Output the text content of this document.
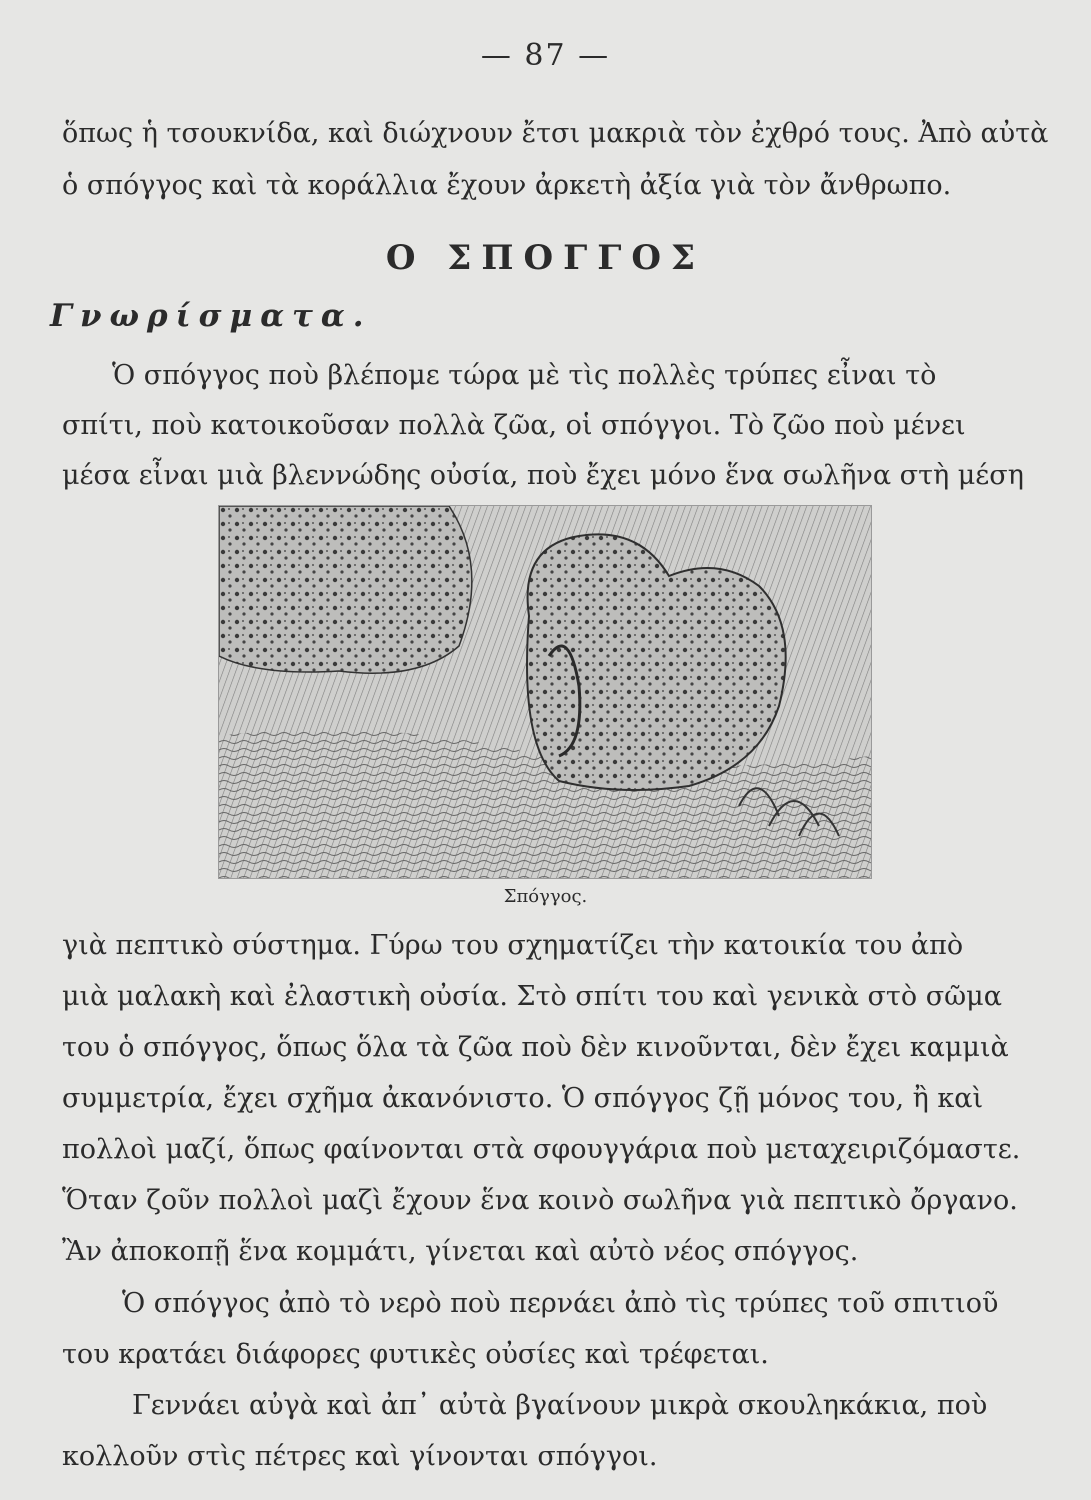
— 87 —
ὅπως ἡ τσουκνίδα, καὶ διώχνουν ἔτσι μακριὰ τὸν ἐχθρό τους. Ἀπὸ αὐτὰ
ὁ σπόγγος καὶ τὰ κοράλλια ἔχουν ἀρκετὴ ἀξία γιὰ τὸν ἄνθρωπο.
Ο ΣΠΟΓΓΟΣ
Γνωρίσματα.
Ὁ σπόγγος ποὺ βλέπομε τώρα μὲ τὶς πολλὲς τρύπες εἶναι τὸ
σπίτι, ποὺ κατοικοῦσαν πολλὰ ζῶα, οἱ σπόγγοι. Τὸ ζῶο ποὺ μένει
μέσα εἶναι μιὰ βλεννώδης οὐσία, ποὺ ἔχει μόνο ἕνα σωλῆνα στὴ μέση
Σπόγγος.
γιὰ πεπτικὸ σύστημα. Γύρω του σχηματίζει τὴν κατοικία του ἀπὸ
μιὰ μαλακὴ καὶ ἐλαστικὴ οὐσία. Στὸ σπίτι του καὶ γενικὰ στὸ σῶμα
του ὁ σπόγγος, ὅπως ὅλα τὰ ζῶα ποὺ δὲν κινοῦνται, δὲν ἔχει καμμιὰ
συμμετρία, ἔχει σχῆμα ἀκανόνιστο. Ὁ σπόγγος ζῇ μόνος του, ἢ καὶ
πολλοὶ μαζί, ὅπως φαίνονται στὰ σφουγγάρια ποὺ μεταχειριζόμαστε.
Ὅταν ζοῦν πολλοὶ μαζὶ ἔχουν ἕνα κοινὸ σωλῆνα γιὰ πεπτικὸ ὄργανο.
Ἂν ἀποκοπῇ ἕνα κομμάτι, γίνεται καὶ αὐτὸ νέος σπόγγος.
Ὁ σπόγγος ἀπὸ τὸ νερὸ ποὺ περνάει ἀπὸ τὶς τρύπες τοῦ σπιτιοῦ
του κρατάει διάφορες φυτικὲς οὐσίες καὶ τρέφεται.
Γεννάει αὐγὰ καὶ ἀπ᾿ αὐτὰ βγαίνουν μικρὰ σκουληκάκια, ποὺ
κολλοῦν στὶς πέτρες καὶ γίνονται σπόγγοι.
